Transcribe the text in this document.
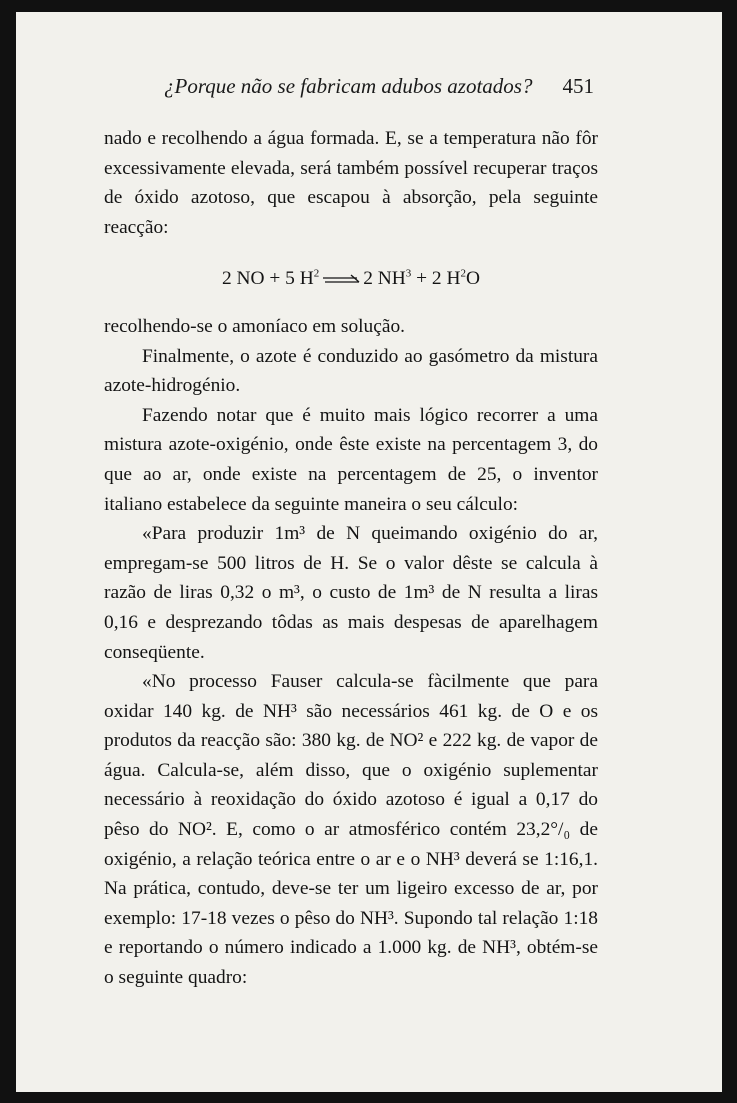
¿Porque não se fabricam adubos azotados? 451

nado e recolhendo a água formada. E, se a temperatura não fôr excessivamente elevada, será também possível recuperar traços de óxido azotoso, que escapou à absorção, pela seguinte reacção:

2 NO + 5 $H^2$ 2 $NH^3 + 2$ $H^2O$

recolhendo-se o amoníaco em solução.

Finalmente, o azote é conduzido ao gasómetro da mistura azote-hidrogénio.

Fazendo notar que é muito mais lógico recorrer a uma mistura azote-oxigénio, onde êste existe na percentagem 3, do que ao ar, onde existe na percentagem de 25, o inventor italiano estabelece da seguinte maneira o seu cálculo:

«Para produzir 1m³ de N queimando oxigénio do ar, empregam-se 500 litros de H. Se o valor dêste se calcula à razão de liras 0,32 o m³, o custo de 1m³ de N resulta a liras 0,16 e desprezando tôdas as mais despesas de aparelhagem conseqüente.

«No processo Fauser calcula-se fàcilmente que para oxidar 140 kg. de NH³ são necessários 461 kg. de O e os produtos da reacção são: 380 kg. de NO² e 222 kg. de vapor de água. Calcula-se, além disso, que o oxigénio suplementar necessário à reoxidação do óxido azotoso é igual a 0,17 do pêso do NO². E, como o ar atmosférico contém 23,2°/₀ de oxigénio, a relação teórica entre o ar e o NH³ deverá se 1:16,1. Na prática, contudo, deve-se ter um ligeiro excesso de ar, por exemplo: 17-18 vezes o pêso do NH³. Supondo tal relação 1:18 e reportando o número indicado a 1.000 kg. de NH³, obtém-se o seguinte quadro:
